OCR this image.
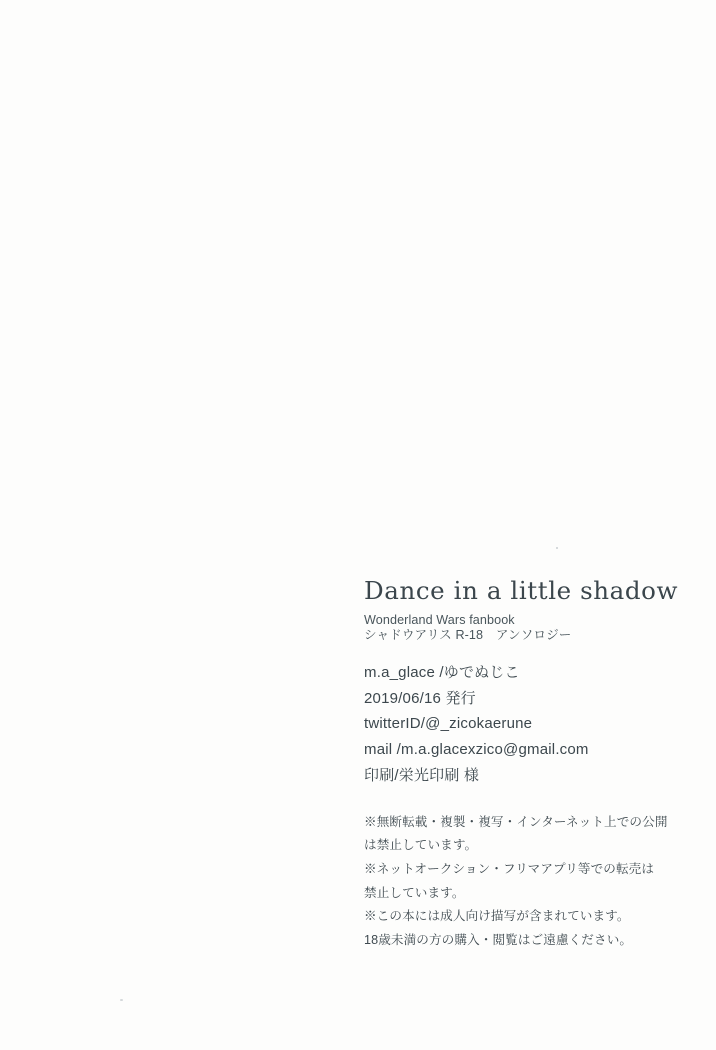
Dance in a little shadow
Wonderland Wars fanbook
シャドウアリス R-18　アンソロジー
m.a_glace /ゆでぬじこ
2019/06/16 発行
twitterID/@_zicokaerune
mail /m.a.glacexzico@gmail.com
印刷/栄光印刷 様
※無断転載・複製・複写・インターネット上での公開
は禁止しています。
※ネットオークション・フリマアプリ等での転売は
禁止しています。
※この本には成人向け描写が含まれています。
18歳未満の方の購入・閲覧はご遠慮ください。
